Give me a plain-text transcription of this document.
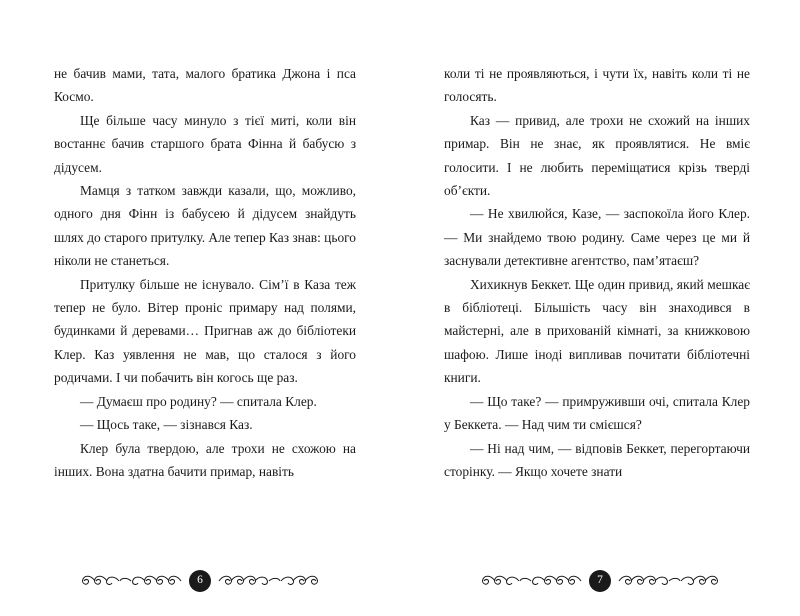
не бачив мами, тата, малого братика Джона і пса Космо.

Ще більше часу минуло з тієї миті, коли він востаннє бачив старшого брата Фінна й бабусю з дідусем.

Мамця з татком завжди казали, що, можливо, одного дня Фінн із бабусею й дідусем знайдуть шлях до старого притулку. Але тепер Каз знав: цього ніколи не станеться.

Притулку більше не існувало. Сім’ї в Каза теж тепер не було. Вітер проніс примару над полями, будинками й деревами… Пригнав аж до бібліотеки Клер. Каз уявлення не мав, що сталося з його родичами. І чи побачить він когось ще раз.

— Думаєш про родину? — спитала Клер.

— Щось таке, — зізнався Каз.

Клер була твердою, але трохи не схожою на інших. Вона здатна бачити примар, навіть

6

коли ті не проявляються, і чути їх, навіть коли ті не голосять.

Каз — привид, але трохи не схожий на інших примар. Він не знає, як проявлятися. Не вміє голосити. І не любить переміщатися крізь тверді об’єкти.

— Не хвилюйся, Казе, — заспокоїла його Клер. — Ми знайдемо твою родину. Саме через це ми й заснували детективне агентство, пам’ятаєш?

Хихикнув Беккет. Ще один привид, який мешкає в бібліотеці. Більшість часу він знаходився в майстерні, але в прихованій кімнаті, за книжковою шафою. Лише іноді випливав почитати бібліотечні книги.

— Що таке? — примруживши очі, спитала Клер у Беккета. — Над чим ти смієшся?

— Ні над чим, — відповів Беккет, перегортаючи сторінку. — Якщо хочете знати

7
